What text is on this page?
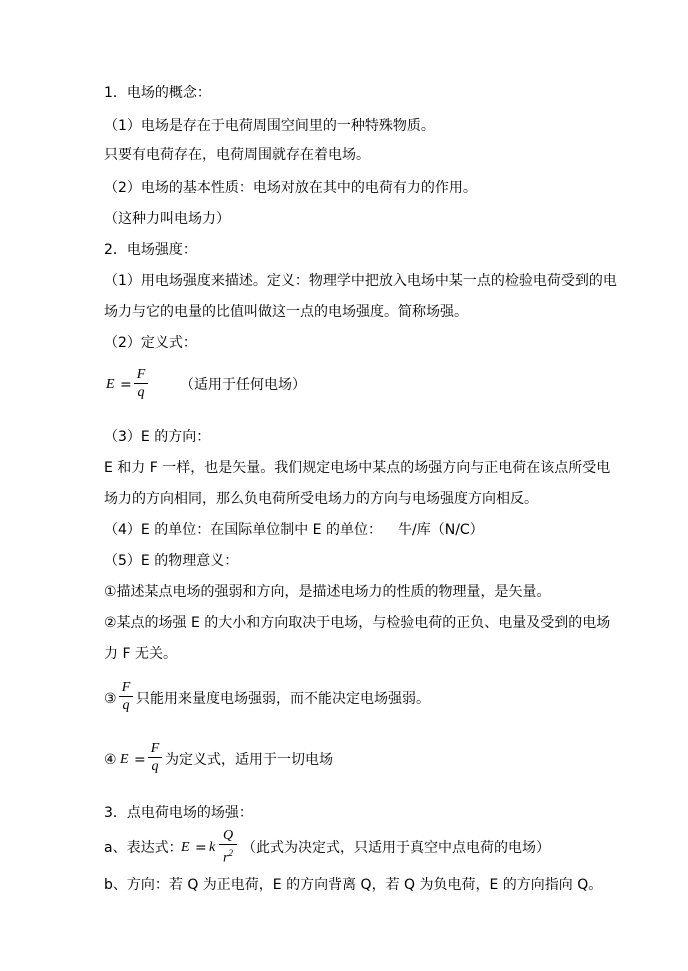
1．电场的概念：
（1）电场是存在于电荷周围空间里的一种特殊物质。
只要有电荷存在，电荷周围就存在着电场。
（2）电场的基本性质：电场对放在其中的电荷有力的作用。
（这种力叫电场力）
2．电场强度：
（1）用电场强度来描述。定义：物理学中把放入电场中某一点的检验电荷受到的电
场力与它的电量的比值叫做这一点的电场强度。简称场强。
（2）定义式：
E =
F
q	（适用于任何电场）
（3）E 的方向：
E 和力 F 一样，也是矢量。我们规定电场中某点的场强方向与正电荷在该点所受电
场力的方向相同，那么负电荷所受电场力的方向与电场强度方向相反。
（4）E 的单位：在国际单位制中 E 的单位： 牛/库（N/C）
（5）E 的物理意义：
①描述某点电场的强弱和方向，是描述电场力的性质的物理量，是矢量。
②某点的场强 E 的大小和方向取决于电场，与检验电荷的正负、电量及受到的电场
力 F 无关。
③
F
q 只能用来量度电场强弱，而不能决定电场强弱。
④ E =
F
q 为定义式，适用于一切电场
3．点电荷电场的场强：
a、表达式：
E = k
Q
$r^2$ （此式为决定式，只适用于真空中点电荷的电场）
b、方向：若 Q 为正电荷，E 的方向背离 Q，若 Q 为负电荷，E 的方向指向 Q。
